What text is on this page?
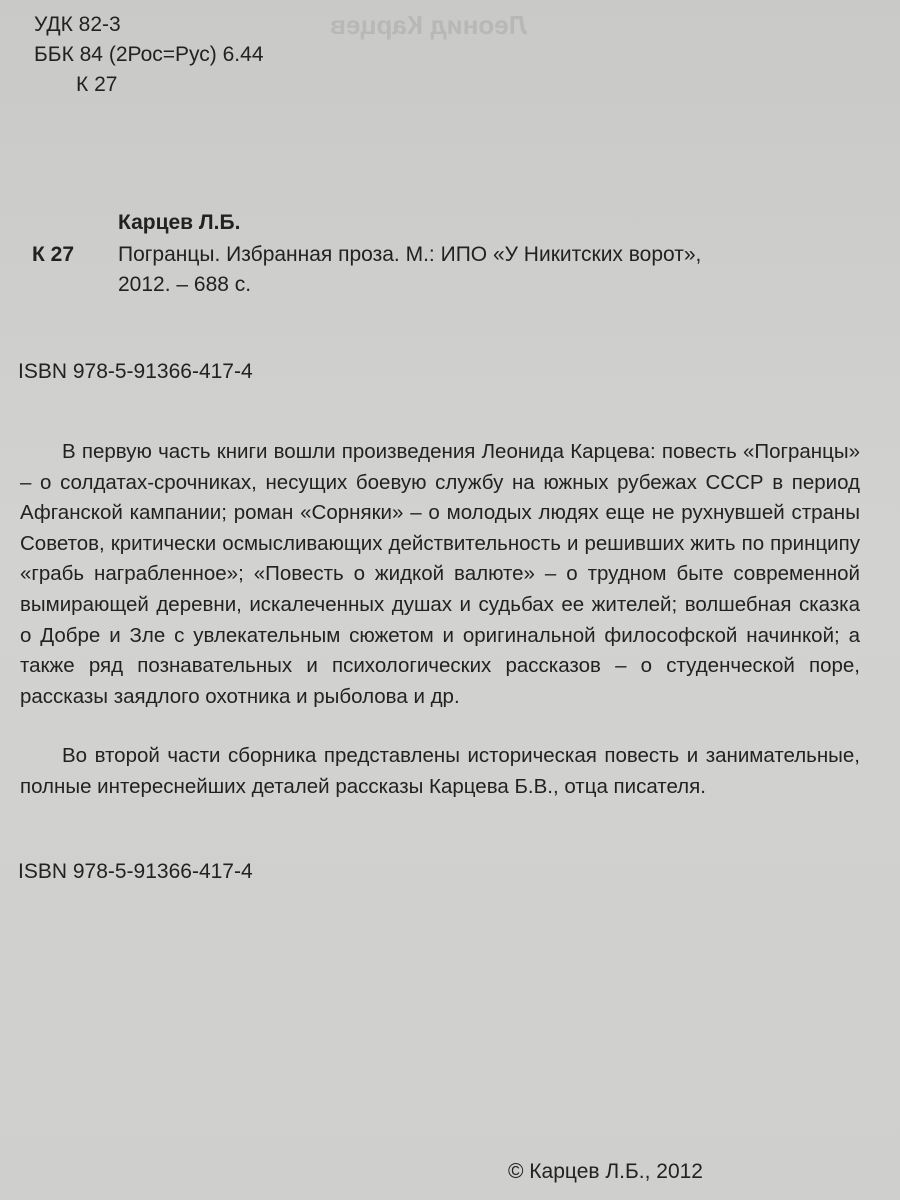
Леонид Карцев
УДК 82-3
ББК 84 (2Рос=Рус) 6.44
К 27
Карцев Л.Б.
К 27 Погранцы. Избранная проза. М.: ИПО «У Никитских ворот»,
2012. – 688 с.
ISBN 978-5-91366-417-4
В первую часть книги вошли произведения Леонида Карцева: повесть «Погранцы» – о солдатах-срочниках, несущих боевую службу на южных рубежах СССР в период Афганской кампании; роман «Сорняки» – о молодых людях еще не рухнувшей страны Советов, критически осмысливающих действительность и решивших жить по принципу «грабь награбленное»; «Повесть о жидкой валюте» – о трудном быте современной вымирающей деревни, искалеченных душах и судьбах ее жителей; волшебная сказка о Добре и Зле с увлекательным сюжетом и оригинальной философской начинкой; а также ряд познавательных и психологических рассказов – о студенческой поре, рассказы заядлого охотника и рыболова и др.
Во второй части сборника представлены историческая повесть и занимательные, полные интереснейших деталей рассказы Карцева Б.В., отца писателя.
ISBN 978-5-91366-417-4
© Карцев Л.Б., 2012
